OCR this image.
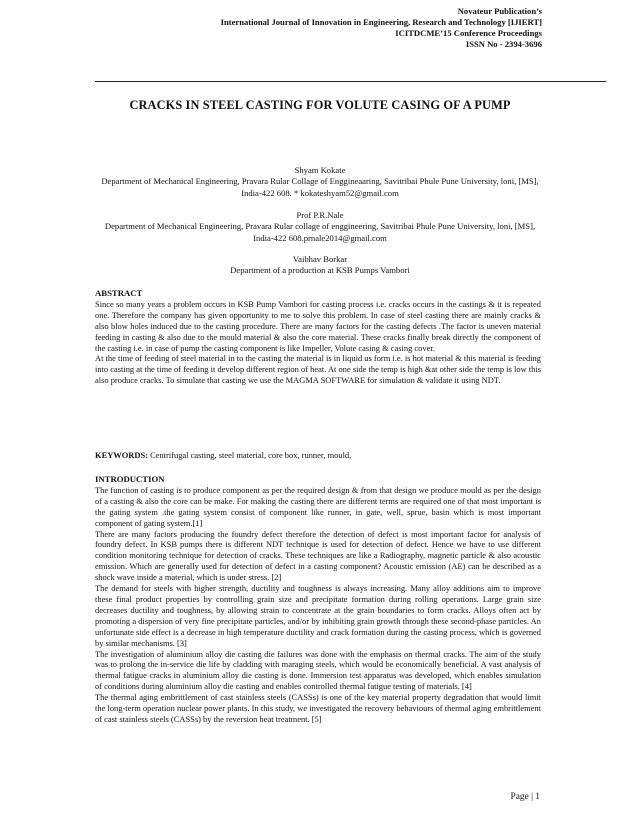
Novateur Publication’s
International Journal of Innovation in Engineering, Research and Technology [IJIERT]
ICITDCME’15 Conference Proceedings
ISSN No - 2394-3696
CRACKS IN STEEL CASTING FOR VOLUTE CASING OF A PUMP
Shyam Kokate
Department of Mechanical Engineering, Pravara Rular Collage of Enggineaaring, Savitribai Phule Pune University, loni, [MS], India-422 608. * kokateshyam52@gmail.com
Prof P.R.Nale
Department of Mechanical Engineering, Pravara Rular collage of enggineering, Savitribai Phule Pune University, loni, [MS], India-422 608.prnale2014@gmail.com
Vaibhav Borkar
Department of a production at KSB Pumps Vambori
ABSTRACT
Since so many years a problem occurs in KSB Pump Vambori for casting process i.e. cracks occurs in the castings & it is repeated one. Therefore the company has given opportunity to me to solve this problem. In case of steel casting there are mainly cracks & also blow holes induced due to the casting procedure. There are many factors for the casting defects .The factor is uneven material feeding in casting & also due to the mould material & also the core material. These cracks finally break directly the component of the casting i.e. in case of pump the casting component is like Impeller, Volute casing & casing cover.
At the time of feeding of steel material in to the casting the material is in liquid us form i.e. is hot material & this material is feeding into casting at the time of feeding it develop different region of heat. At one side the temp is high &at other side the temp is low this also produce cracks. To simulate that casting we use the MAGMA SOFTWARE for simulation & validate it using NDT.
KEYWORDS: Centrifugal casting, steel material, core box, runner, mould,
INTRODUCTION
The function of casting is to produce component as per the required design & from that design we produce mould as per the design of a casting & also the core can be make. For making the casting there are different terms are required one of that most important is the gating system .the gating system consist of component like runner, in gate, well, sprue, basin which is most important component of gating system.[1]
There are many factors producing the foundry defect therefore the detection of defect is most important factor for analysis of foundry defect. In KSB pumps there is different NDT technique is used for detection of defect. Hence we have to use different condition monitoring technique for detection of cracks. These techniques are like a Radiography, magnetic particle & also acoustic emission. Which are generally used for detection of defect in a casting component? Acoustic emission (AE) can be described as a shock wave inside a material, which is under stress. [2]
The demand for steels with higher strength, ductility and toughness is always increasing. Many alloy additions aim to improve these final product properties by controlling grain size and precipitate formation during rolling operations. Large grain size decreases ductility and toughness, by allowing strain to concentrate at the grain boundaries to form cracks. Alloys often act by promoting a dispersion of very fine precipitate particles, and/or by inhibiting grain growth through these second-phase particles. An unfortunate side effect is a decrease in high temperature ductility and crack formation during the casting process, which is governed by similar mechanisms. [3]
The investigation of aluminium alloy die casting die failures was done with the emphasis on thermal cracks. The aim of the study was to prolong the in-service die life by cladding with maraging steels, which would be economically beneficial. A vast analysis of thermal fatigue cracks in aluminium alloy die casting is done. Immersion test apparatus was developed, which enables simulation of conditions during aluminium alloy die casting and enables controlled thermal fatigue testing of materials. [4]
The thermal aging embrittlement of cast stainless steels (CASSs) is one of the key material property degradation that would limit the long-term operation nuclear power plants. In this study, we investigated the recovery behaviours of thermal aging embrittlement of cast stainless steels (CASSs) by the reversion heat treatment. [5]
Page | 1
